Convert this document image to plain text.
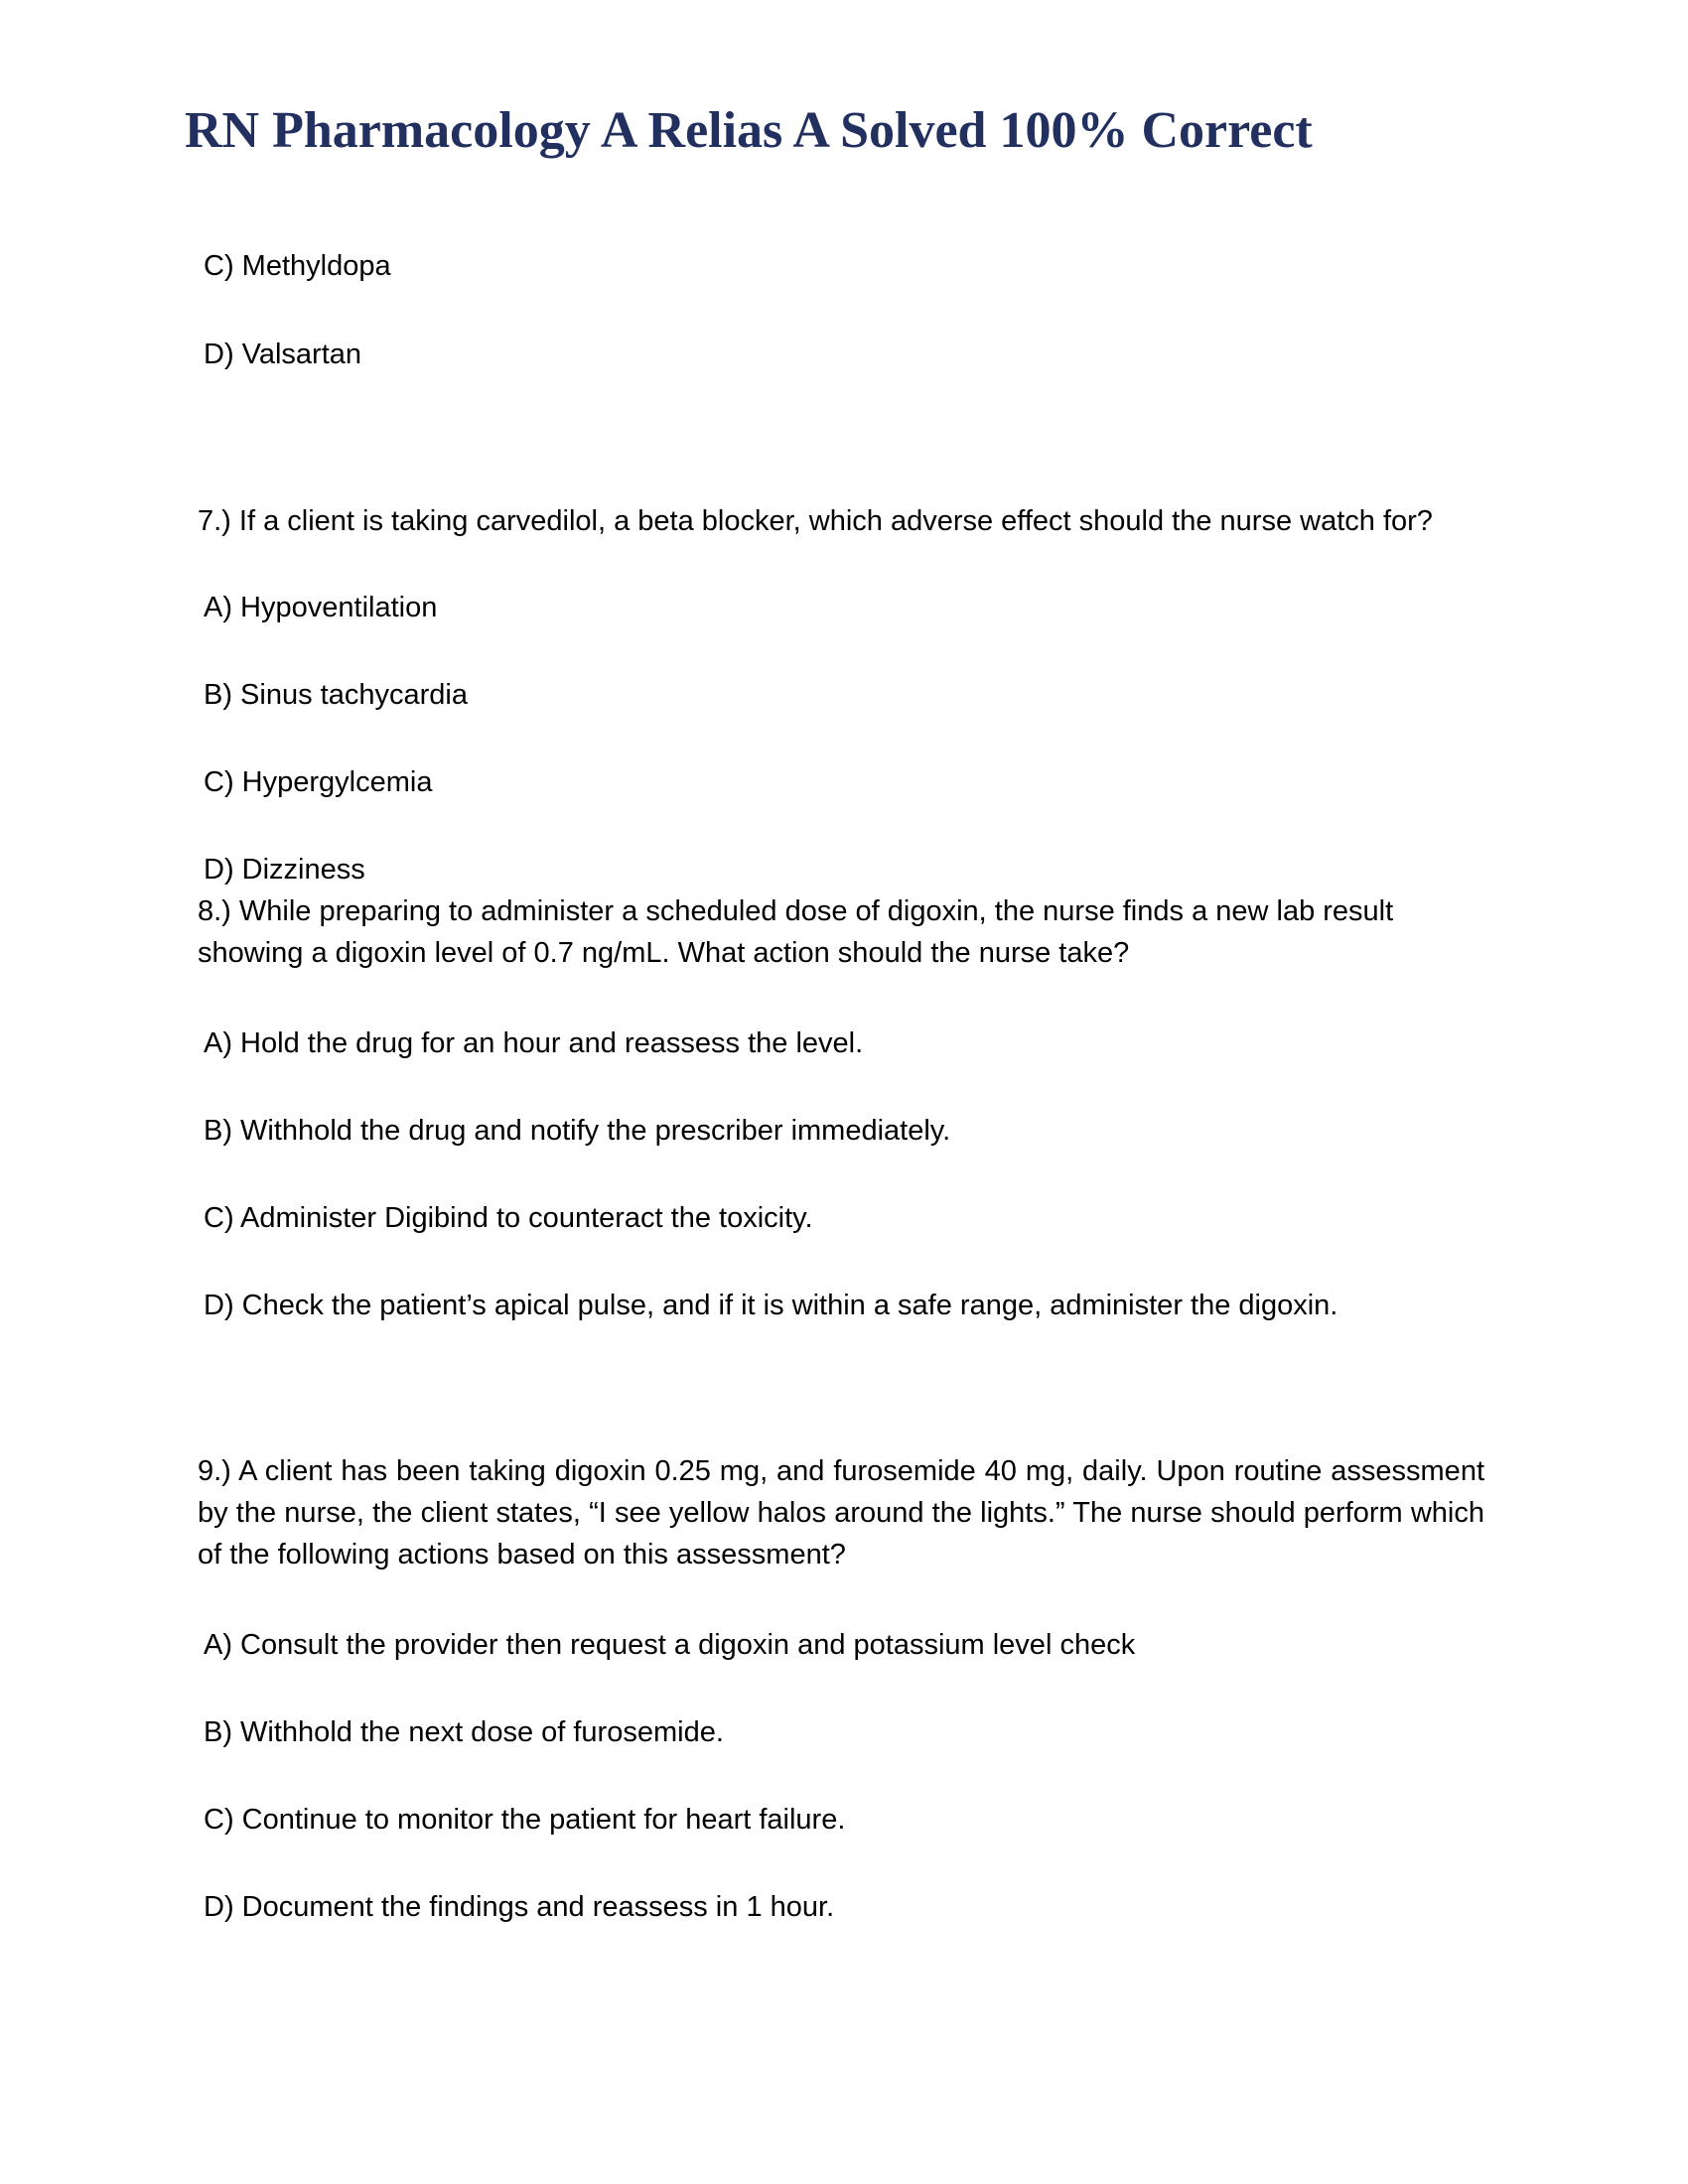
RN Pharmacology A Relias A Solved 100% Correct
C) Methyldopa
D) Valsartan
7.) If a client is taking carvedilol, a beta blocker, which adverse effect should the nurse watch for?
A) Hypoventilation
B) Sinus tachycardia
C) Hypergylcemia
D) Dizziness

8.) While preparing to administer a scheduled dose of digoxin, the nurse finds a new lab result showing a digoxin level of 0.7 ng/mL. What action should the nurse take?

A) Hold the drug for an hour and reassess the level.
B) Withhold the drug and notify the prescriber immediately.
C) Administer Digibind to counteract the toxicity.
D) Check the patient’s apical pulse, and if it is within a safe range, administer the digoxin.

9.) A client has been taking digoxin 0.25 mg, and furosemide 40 mg, daily. Upon routine assessment by the nurse, the client states, “I see yellow halos around the lights.” The nurse should perform which of the following actions based on this assessment?

A) Consult the provider then request a digoxin and potassium level check
B) Withhold the next dose of furosemide.
C) Continue to monitor the patient for heart failure.
D) Document the findings and reassess in 1 hour.
